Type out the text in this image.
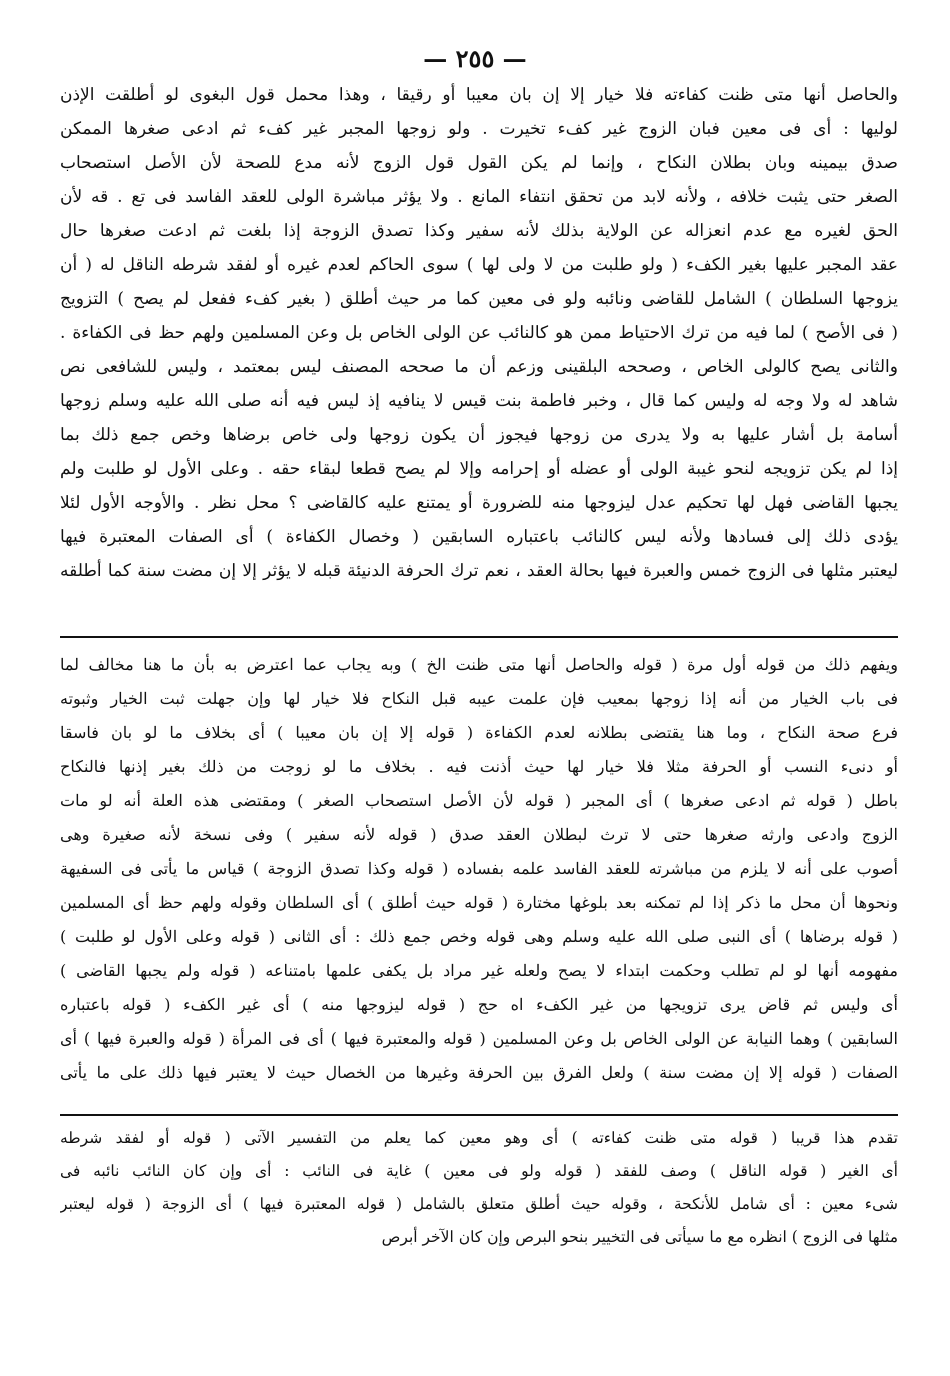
— ٢٥٥ —
والحاصل أنها متى ظنت كفاءته فلا خيار إلا إن بان معيبا أو رقيقا ، وهذا محمل قول البغوى لو أطلقت الإذن
لوليها : أى فى معين فبان الزوج غير كفء تخيرت . ولو زوجها المجبر غير كفء ثم ادعى صغرها الممكن
صدق بيمينه وبان بطلان النكاح ، وإنما لم يكن القول قول الزوج لأنه مدع للصحة لأن الأصل استصحاب
الصغر حتى يثبت خلافه ، ولأنه لابد من تحقق انتفاء المانع . ولا يؤثر مباشرة الولى للعقد الفاسد فى تع . قه لأن
الحق لغيره مع عدم انعزاله عن الولاية بذلك لأنه سفير وكذا تصدق الزوجة إذا بلغت ثم ادعت صغرها حال
عقد المجبر عليها بغير الكفء ( ولو طلبت من لا ولى لها ) سوى الحاكم لعدم غيره أو لفقد شرطه الناقل له ( أن
يزوجها السلطان ) الشامل للقاضى ونائبه ولو فى معين كما مر حيث أطلق ( بغير كفء ففعل لم يصح ) التزويج
( فى الأصح ) لما فيه من ترك الاحتياط ممن هو كالنائب عن الولى الخاص بل وعن المسلمين ولهم حظ فى الكفاءة .
والثانى يصح كالولى الخاص ، وصححه البلقينى وزعم أن ما صححه المصنف ليس بمعتمد ، وليس للشافعى نص
شاهد له ولا وجه له وليس كما قال ، وخبر فاطمة بنت قيس لا ينافيه إذ ليس فيه أنه صلى الله عليه وسلم زوجها
أسامة بل أشار عليها به ولا يدرى من زوجها فيجوز أن يكون زوجها ولى خاص برضاها وخص جمع ذلك بما
إذا لم يكن تزويجه لنحو غيبة الولى أو عضله أو إحرامه وإلا لم يصح قطعا لبقاء حقه . وعلى الأول لو طلبت ولم
يجبها القاضى فهل لها تحكيم عدل ليزوجها منه للضرورة أو يمتنع عليه كالقاضى ؟ محل نظر . والأوجه الأول لئلا
يؤدى ذلك إلى فسادها ولأنه ليس كالنائب باعتباره السابقين ( وخصال الكفاءة ) أى الصفات المعتبرة فيها
ليعتبر مثلها فى الزوج خمس والعبرة فيها بحالة العقد ، نعم ترك الحرفة الدنيئة قبله لا يؤثر إلا إن مضت سنة كما أطلقه
ويفهم ذلك من قوله أول مرة ( قوله والحاصل أنها متى ظنت الخ ) وبه يجاب عما اعترض به بأن ما هنا مخالف لما
فى باب الخيار من أنه إذا زوجها بمعيب فإن علمت عيبه قبل النكاح فلا خيار لها وإن جهلت ثبت الخيار وثبوته
فرع صحة النكاح ، وما هنا يقتضى بطلانه لعدم الكفاءة ( قوله إلا إن بان معيبا ) أى بخلاف ما لو بان فاسقا
أو دنىء النسب أو الحرفة مثلا فلا خيار لها حيث أذنت فيه . بخلاف ما لو زوجت من ذلك بغير إذنها فالنكاح
باطل ( قوله ثم ادعى صغرها ) أى المجبر ( قوله لأن الأصل استصحاب الصغر ) ومقتضى هذه العلة أنه لو مات
الزوج وادعى وارثه صغرها حتى لا ترث لبطلان العقد صدق ( قوله لأنه سفير ) وفى نسخة لأنه صغيرة وهى
أصوب على أنه لا يلزم من مباشرته للعقد الفاسد علمه بفساده ( قوله وكذا تصدق الزوجة ) قياس ما يأتى فى السفيهة
ونحوها أن محل ما ذكر إذا لم تمكنه بعد بلوغها مختارة ( قوله حيث أطلق ) أى السلطان وقوله ولهم حظ أى المسلمين
( قوله برضاها ) أى النبى صلى الله عليه وسلم وهى قوله وخص جمع ذلك : أى الثانى ( قوله وعلى الأول لو طلبت )
مفهومه أنها لو لم تطلب وحكمت ابتداء لا يصح ولعله غير مراد بل يكفى علمها بامتناعه ( قوله ولم يجبها القاضى )
أى وليس ثم قاض يرى تزويجها من غير الكفء اه حج ( قوله ليزوجها منه ) أى غير الكفء ( قوله باعتباره
السابقين ) وهما النيابة عن الولى الخاص بل وعن المسلمين ( قوله والمعتبرة فيها ) أى فى المرأة ( قوله والعبرة فيها ) أى
الصفات ( قوله إلا إن مضت سنة ) ولعل الفرق بين الحرفة وغيرها من الخصال حيث لا يعتبر فيها ذلك على ما يأتى
تقدم هذا قريبا ( قوله متى ظنت كفاءته ) أى وهو معين كما يعلم من التفسير الآتى ( قوله أو لفقد شرطه
أى الغير ( قوله الناقل ) وصف للفقد ( قوله ولو فى معين ) غاية فى النائب : أى وإن كان النائب نائبه فى
شىء معين : أى شامل للأنكحة ، وقوله حيث أطلق متعلق بالشامل ( قوله المعتبرة فيها ) أى الزوجة ( قوله ليعتبر
مثلها فى الزوج ) انظره مع ما سيأتى فى التخيير بنحو البرص وإن كان الآخر أبرص
